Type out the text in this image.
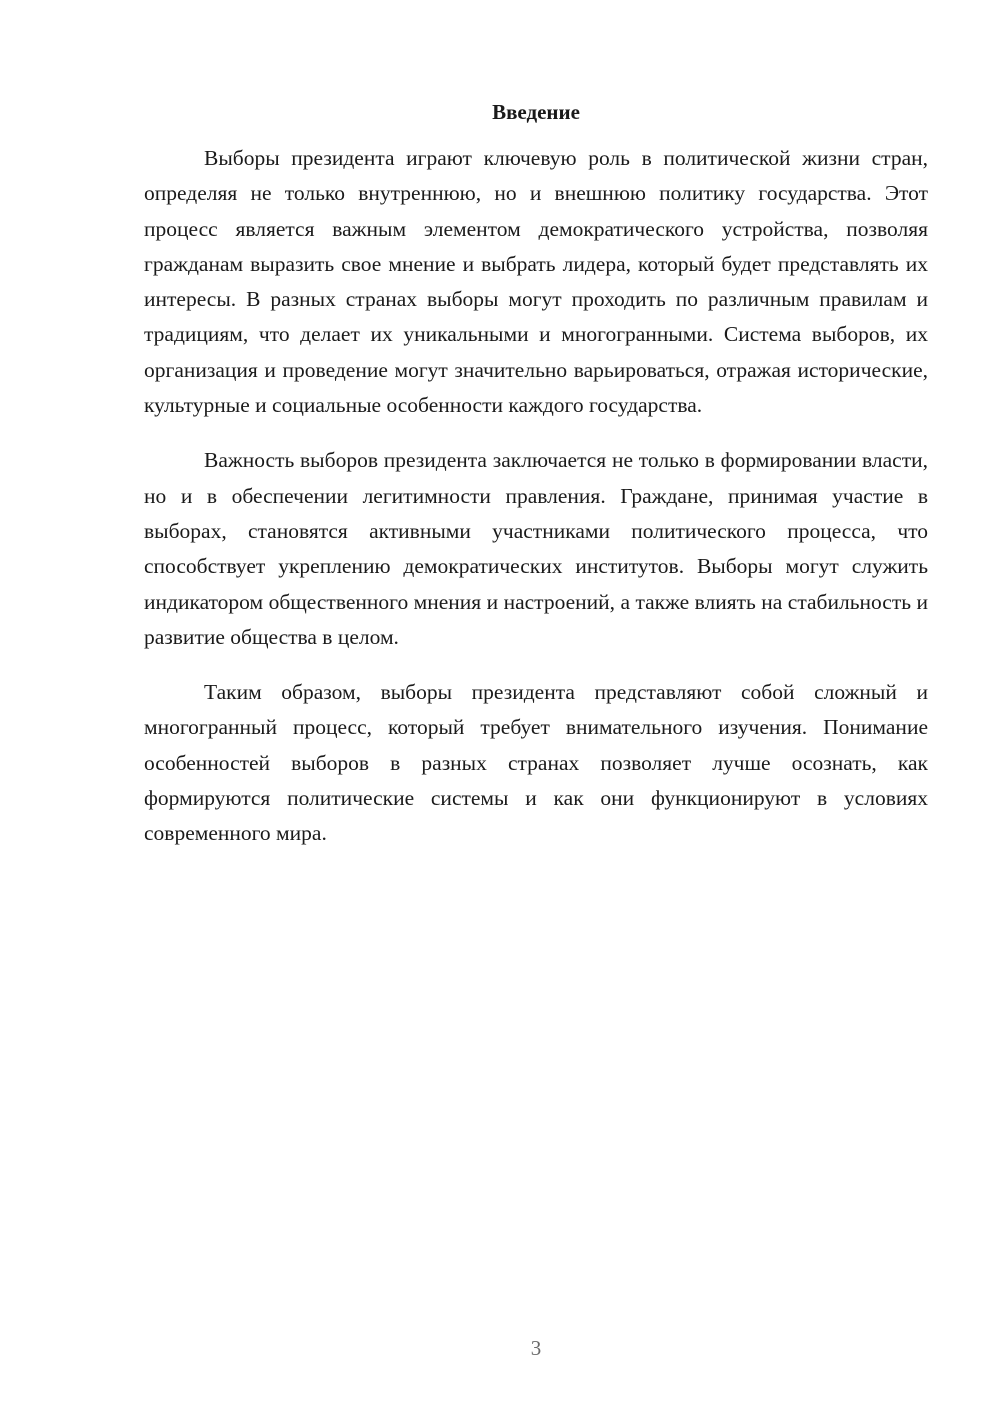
Введение

Выборы президента играют ключевую роль в политической жизни стран, определяя не только внутреннюю, но и внешнюю политику государства. Этот процесс является важным элементом демократического устройства, позволяя гражданам выразить свое мнение и выбрать лидера, который будет представлять их интересы. В разных странах выборы могут проходить по различным правилам и традициям, что делает их уникальными и многогранными. Система выборов, их организация и проведение могут значительно варьироваться, отражая исторические, культурные и социальные особенности каждого государства.

Важность выборов президента заключается не только в формировании власти, но и в обеспечении легитимности правления. Граждане, принимая участие в выборах, становятся активными участниками политического процесса, что способствует укреплению демократических институтов. Выборы могут служить индикатором общественного мнения и настроений, а также влиять на стабильность и развитие общества в целом.

Таким образом, выборы президента представляют собой сложный и многогранный процесс, который требует внимательного изучения. Понимание особенностей выборов в разных странах позволяет лучше осознать, как формируются политические системы и как они функционируют в условиях современного мира.

3
